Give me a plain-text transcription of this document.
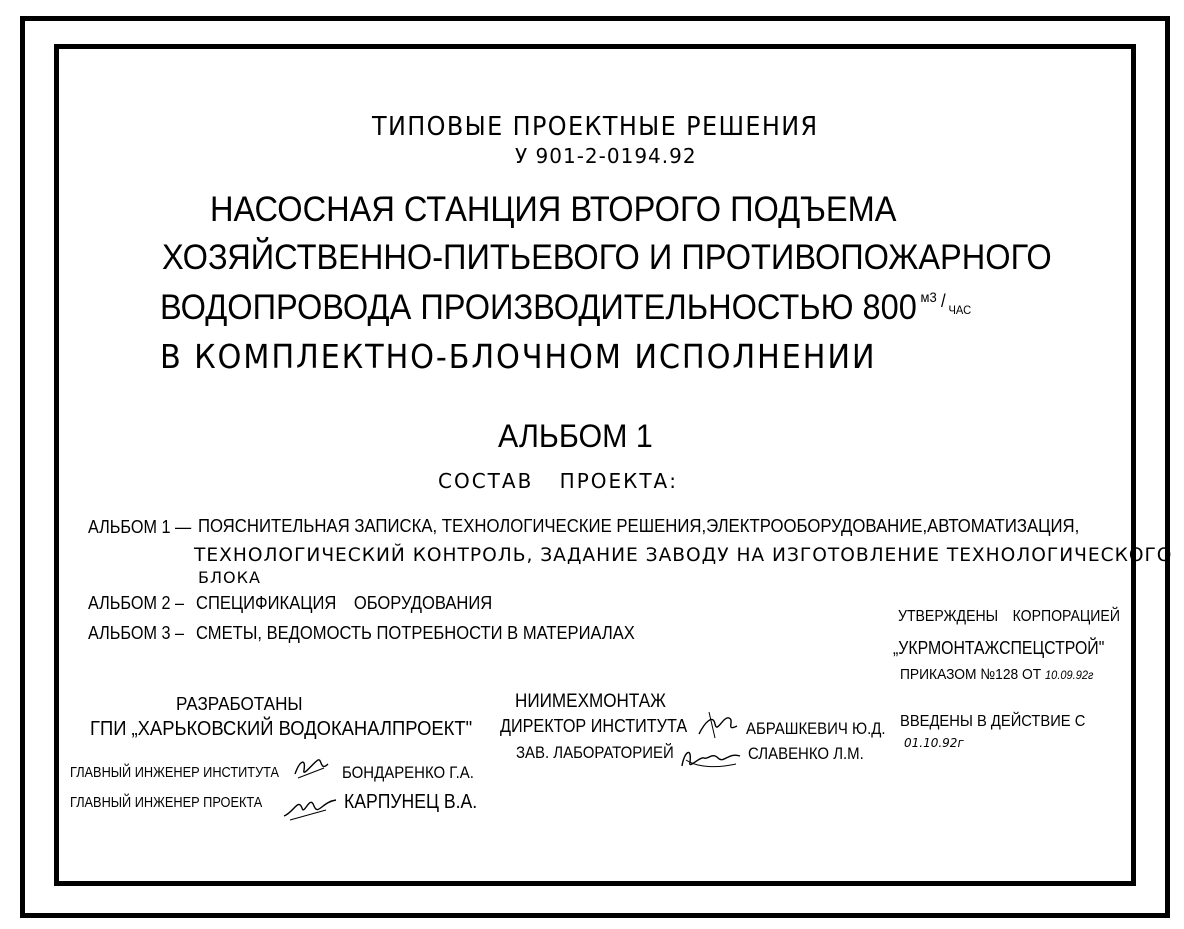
ТИПОВЫЕ ПРОЕКТНЫЕ РЕШЕНИЯ
У 901-2-0194.92
НАСОСНАЯ СТАНЦИЯ ВТОРОГО ПОДЪЕМА
ХОЗЯЙСТВЕННО-ПИТЬЕВОГО И ПРОТИВОПОЖАРНОГО
ВОДОПРОВОДА ПРОИЗВОДИТЕЛЬНОСТЬЮ 800 м3 / ЧАС
В КОМПЛЕКТНО-БЛОЧНОМ ИСПОЛНЕНИИ
АЛЬБОМ 1
СОСТАВ ПРОЕКТА:
АЛЬБОМ 1 — ПОЯСНИТЕЛЬНАЯ ЗАПИСКА, ТЕХНОЛОГИЧЕСКИЕ РЕШЕНИЯ,ЭЛЕКТРООБОРУДОВАНИЕ,АВТОМАТИЗАЦИЯ,
ТЕХНОЛОГИЧЕСКИЙ КОНТРОЛЬ, ЗАДАНИЕ ЗАВОДУ НА ИЗГОТОВЛЕНИЕ ТЕХНОЛОГИЧЕСКОГО
БЛОКА
АЛЬБОМ 2 – СПЕЦИФИКАЦИЯ ОБОРУДОВАНИЯ
АЛЬБОМ 3 – СМЕТЫ, ВЕДОМОСТЬ ПОТРЕБНОСТИ В МАТЕРИАЛАХ
УТВЕРЖДЕНЫ КОРПОРАЦИЕЙ
„УКРМОНТАЖСПЕЦСТРОЙ"
ПРИКАЗОМ №128 ОТ 10.09.92г
ВВЕДЕНЫ В ДЕЙСТВИЕ С
01.10.92г
РАЗРАБОТАНЫ
ГПИ „ХАРЬКОВСКИЙ ВОДОКАНАЛПРОЕКТ"
ГЛАВНЫЙ ИНЖЕНЕР ИНСТИТУТА	БОНДАРЕНКО Г.А.
ГЛАВНЫЙ ИНЖЕНЕР ПРОЕКТА	КАРПУНЕЦ В.А.
НИИМЕХМОНТАЖ
ДИРЕКТОР ИНСТИТУТА	АБРАШКЕВИЧ Ю.Д.
ЗАВ. ЛАБОРАТОРИЕЙ	СЛАВЕНКО Л.М.
